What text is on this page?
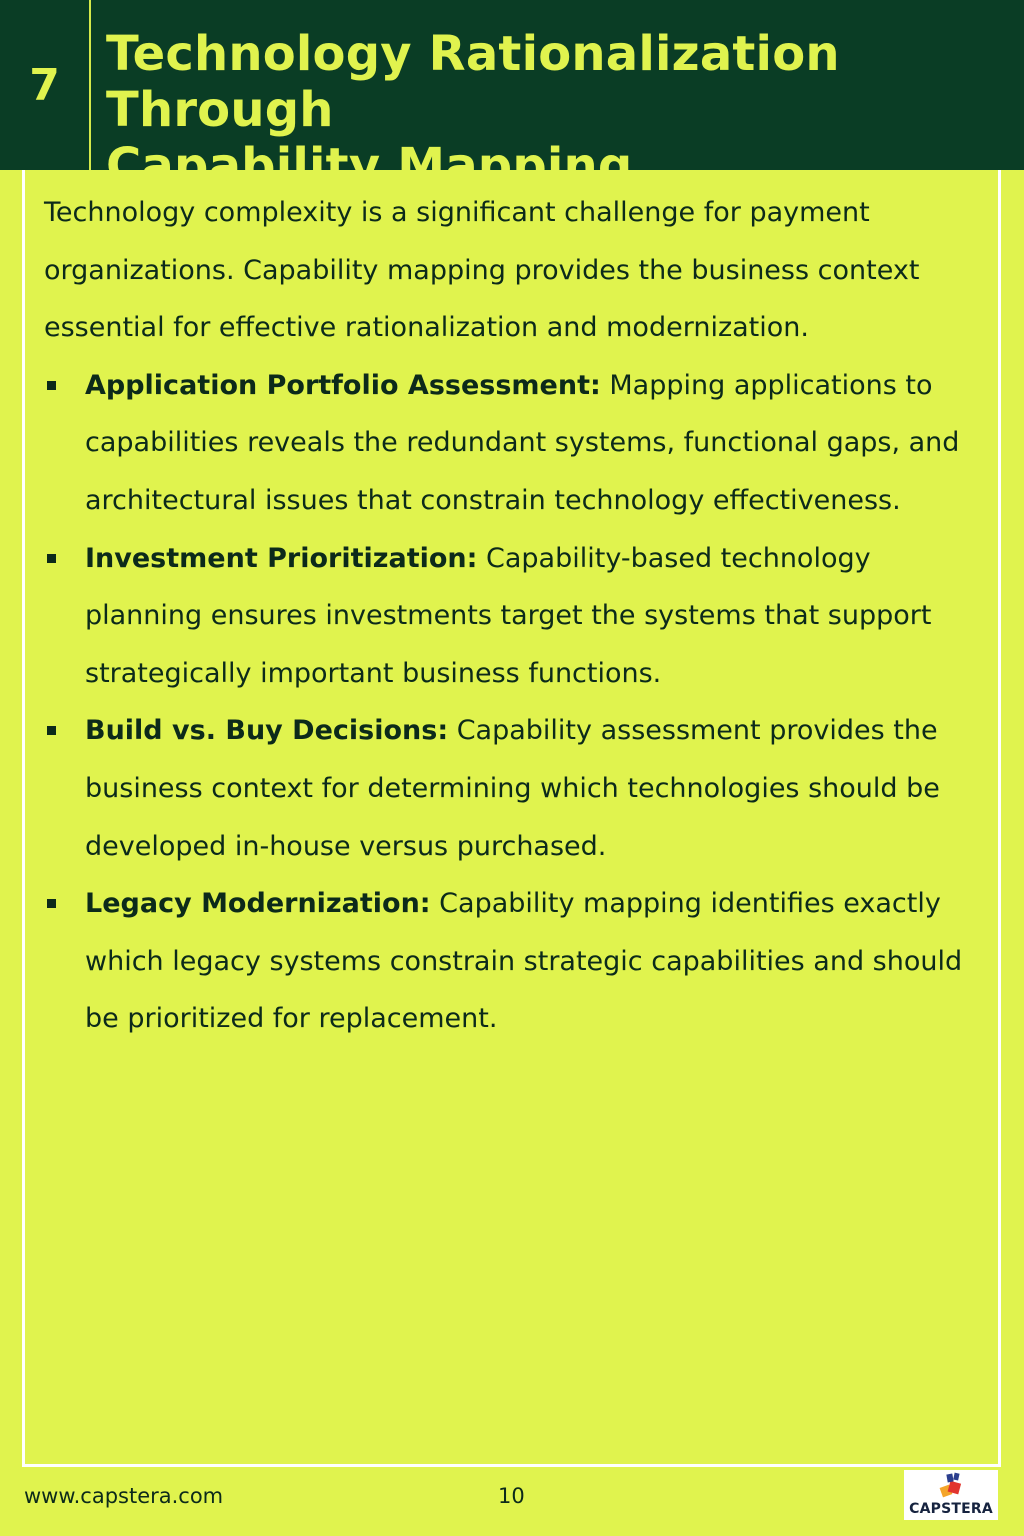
7
Technology Rationalization Through
Capability Mapping

Technology complexity is a significant challenge for payment organizations. Capability mapping provides the business context essential for effective rationalization and modernization.

Application Portfolio Assessment: Mapping applications to capabilities reveals the redundant systems, functional gaps, and architectural issues that constrain technology effectiveness.
Investment Prioritization: Capability-based technology planning ensures investments target the systems that support strategically important business functions.
Build vs. Buy Decisions: Capability assessment provides the business context for determining which technologies should be developed in-house versus purchased.
Legacy Modernization: Capability mapping identifies exactly which legacy systems constrain strategic capabilities and should be prioritized for replacement.
www.capstera.com	10
CAPSTERA
